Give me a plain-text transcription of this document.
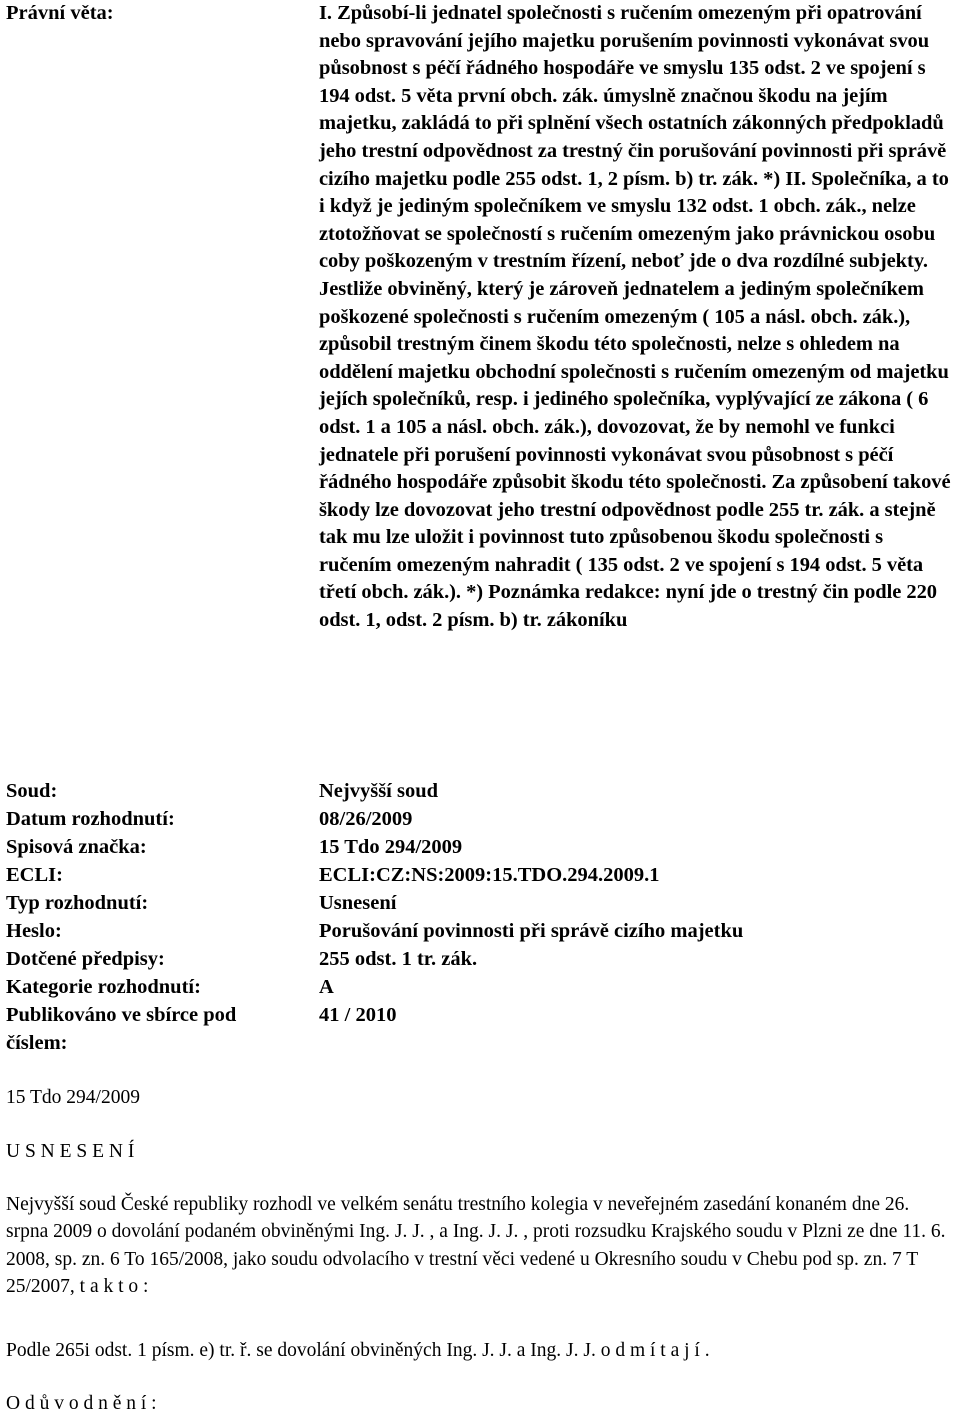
Právní věta:	I. Způsobí-li jednatel společnosti s ručením omezeným při opatrování nebo spravování jejího majetku porušením povinnosti vykonávat svou působnost s péčí řádného hospodáře ve smyslu 135 odst. 2 ve spojení s 194 odst. 5 věta první obch. zák. úmyslně značnou škodu na jejím majetku, zakládá to při splnění všech ostatních zákonných předpokladů jeho trestní odpovědnost za trestný čin porušování povinnosti při správě cizího majetku podle 255 odst. 1, 2 písm. b) tr. zák. *) II. Společníka, a to i když je jediným společníkem ve smyslu 132 odst. 1 obch. zák., nelze ztotožňovat se společností s ručením omezeným jako právnickou osobu coby poškozeným v trestním řízení, neboť jde o dva rozdílné subjekty. Jestliže obviněný, který je zároveň jednatelem a jediným společníkem poškozené společnosti s ručením omezeným ( 105 a násl. obch. zák.), způsobil trestným činem škodu této společnosti, nelze s ohledem na oddělení majetku obchodní společnosti s ručením omezeným od majetku jejích společníků, resp. i jediného společníka, vyplývající ze zákona ( 6 odst. 1 a 105 a násl. obch. zák.), dovozovat, že by nemohl ve funkci jednatele při porušení povinnosti vykonávat svou působnost s péčí řádného hospodáře způsobit škodu této společnosti. Za způsobení takové škody lze dovozovat jeho trestní odpovědnost podle 255 tr. zák. a stejně tak mu lze uložit i povinnost tuto způsobenou škodu společnosti s ručením omezeným nahradit ( 135 odst. 2 ve spojení s 194 odst. 5 věta třetí obch. zák.). *) Poznámka redakce: nyní jde o trestný čin podle 220 odst. 1, odst. 2 písm. b) tr. zákoníku
Soud:	Nejvyšší soud
Datum rozhodnutí:	08/26/2009
Spisová značka:	15 Tdo 294/2009
ECLI:	ECLI:CZ:NS:2009:15.TDO.294.2009.1
Typ rozhodnutí:	Usnesení
Heslo:	Porušování povinnosti při správě cizího majetku
Dotčené předpisy:	255 odst. 1 tr. zák.
Kategorie rozhodnutí:	A
Publikováno ve sbírce pod číslem:
41 / 2010
15 Tdo 294/2009
U S N E S E N Í
Nejvyšší soud České republiky rozhodl ve velkém senátu trestního kolegia v neveřejném zasedání konaném dne 26. srpna 2009 o dovolání podaném obviněnými Ing. J. J. , a Ing. J. J. , proti rozsudku Krajského soudu v Plzni ze dne 11. 6. 2008, sp. zn. 6 To 165/2008, jako soudu odvolacího v trestní věci vedené u Okresního soudu v Chebu pod sp. zn. 7 T 25/2007, t a k t o :
Podle 265i odst. 1 písm. e) tr. ř. se dovolání obviněných Ing. J. J. a Ing. J. J. o d m í t a j í .
O d ů v o d n ě n í :
